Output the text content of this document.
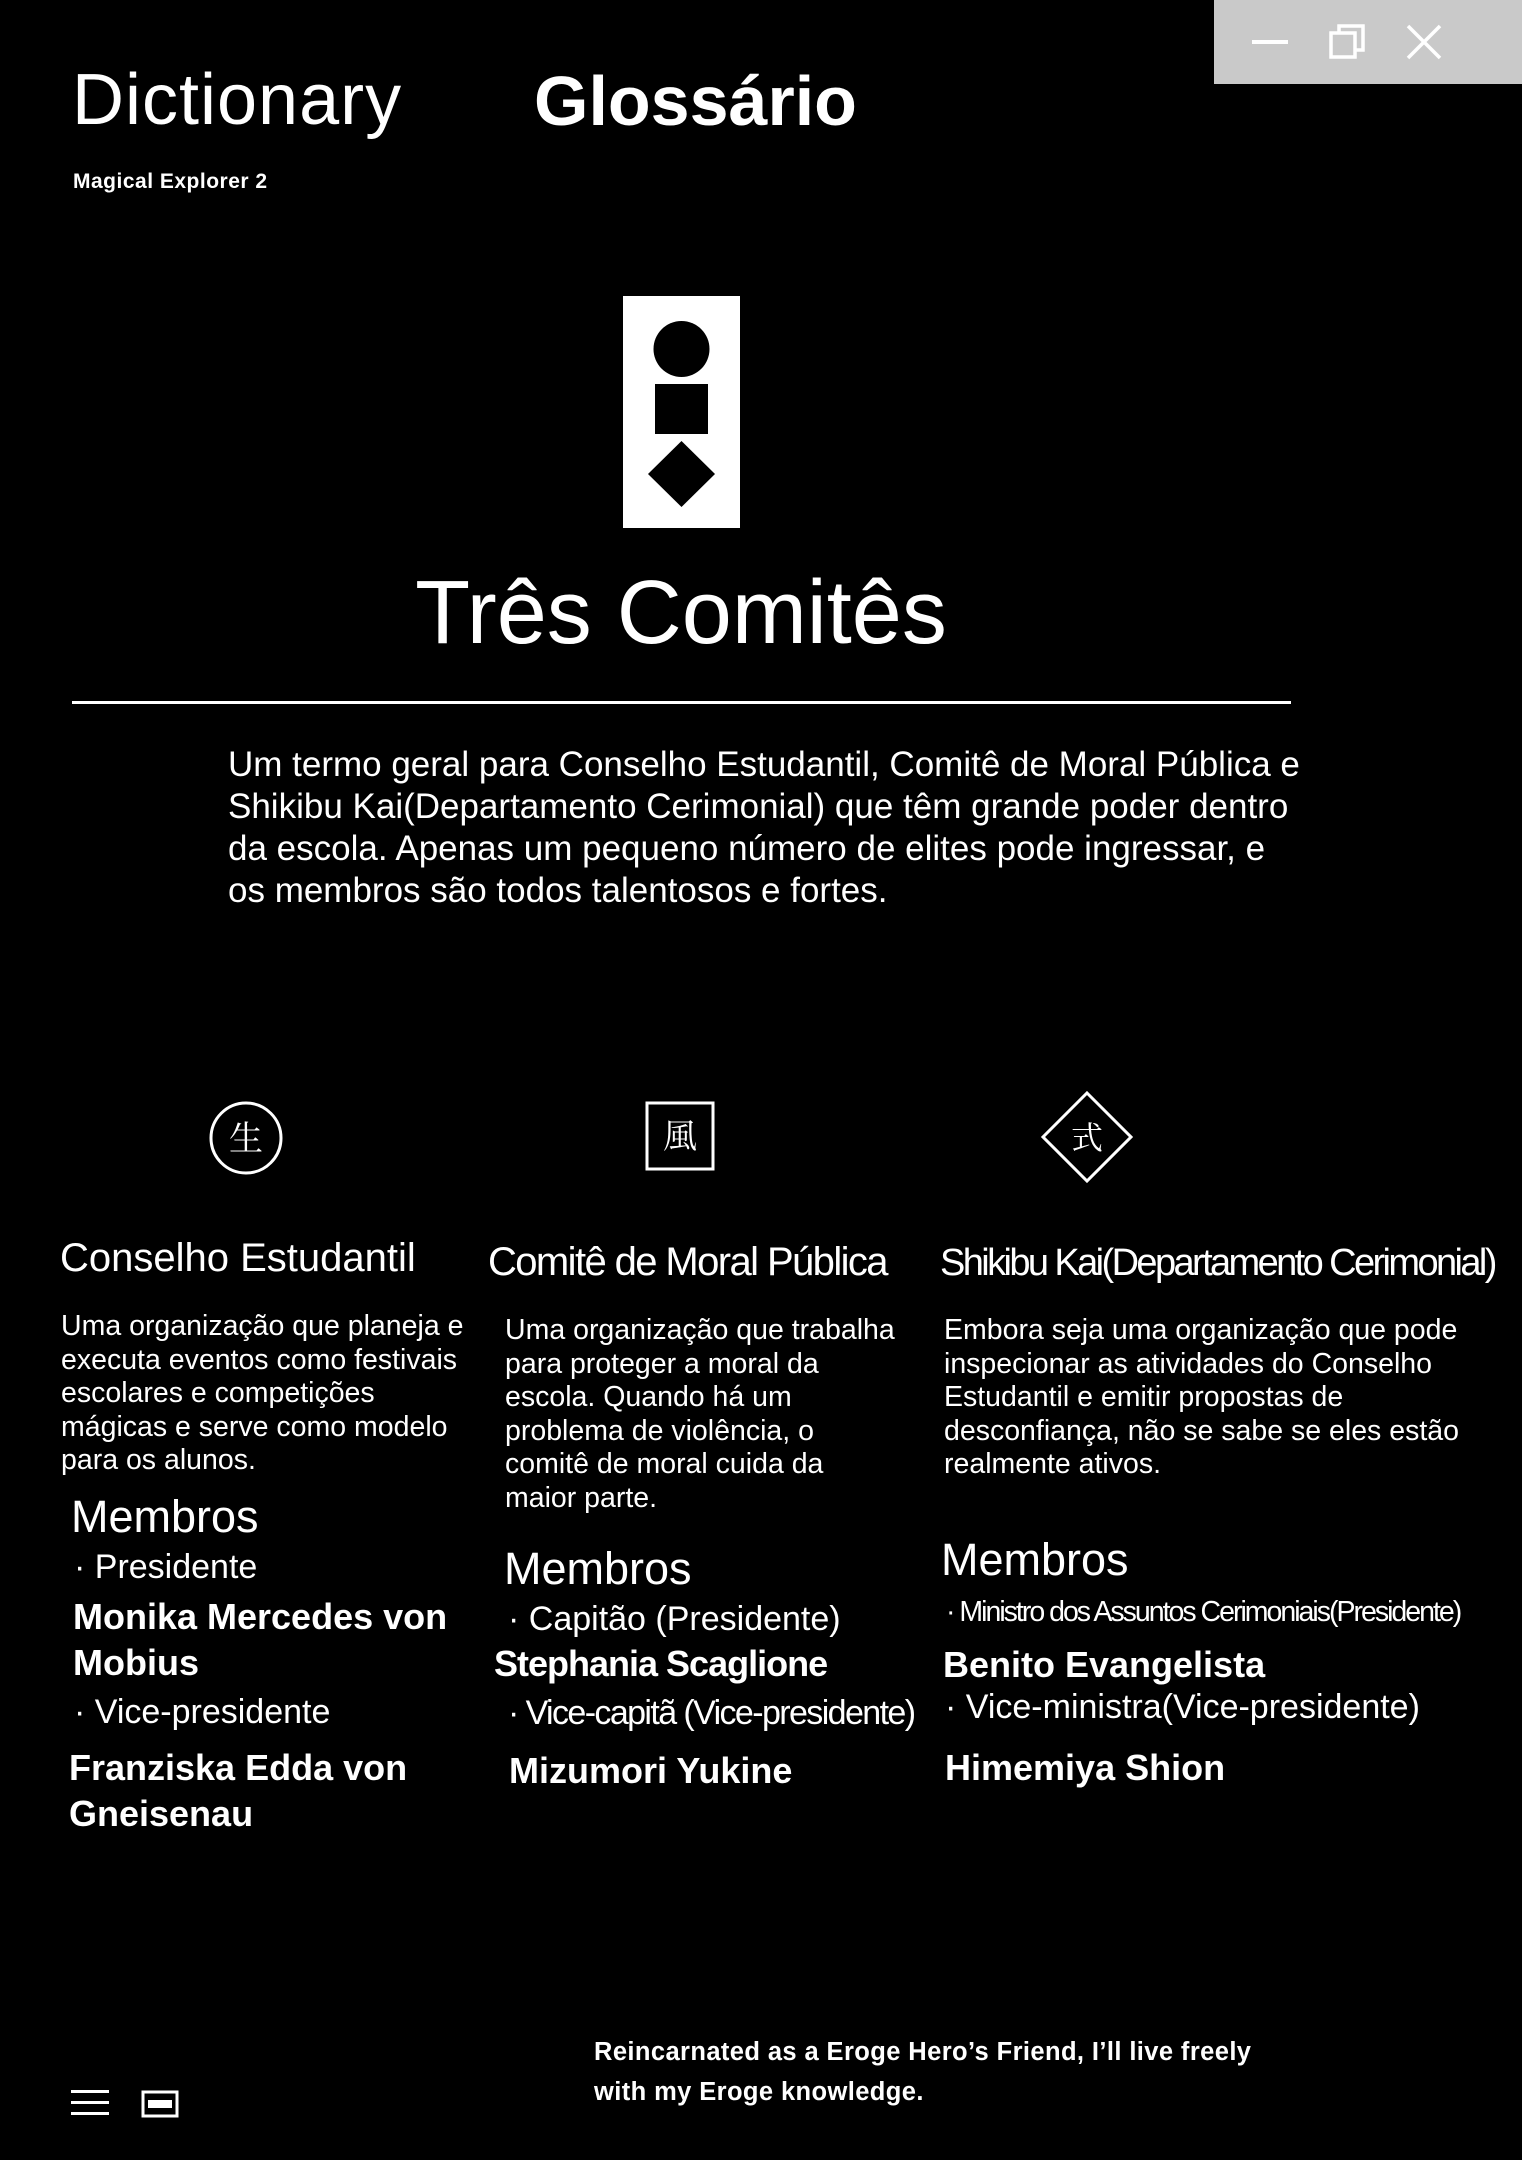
Dictionary
Magical Explorer 2
Glossário
Três Comitês
Um termo geral para Conselho Estudantil, Comitê de Moral Pública e Shikibu Kai(Departamento Cerimonial) que têm grande poder dentro da escola. Apenas um pequeno número de elites pode ingressar, e os membros são todos talentosos e fortes.
生	風	式
Conselho Estudantil
Uma organização que planeja e executa eventos como festivais escolares e competições mágicas e serve como modelo para os alunos.
Membros
· Presidente
Monika Mercedes von Mobius
· Vice-presidente
Franziska Edda von Gneisenau
Comitê de Moral Pública
Uma organização que trabalha para proteger a moral da escola. Quando há um problema de violência, o comitê de moral cuida da maior parte.
Membros
· Capitão (Presidente)
Stephania Scaglione
· Vice-capitã (Vice-presidente)
Mizumori Yukine
Shikibu Kai(Departamento Cerimonial)
Embora seja uma organização que pode inspecionar as atividades do Conselho Estudantil e emitir propostas de desconfiança, não se sabe se eles estão realmente ativos.
Membros
· Ministro dos Assuntos Cerimoniais(Presidente)
Benito Evangelista
· Vice-ministra(Vice-presidente)
Himemiya Shion
Reincarnated as a Eroge Hero’s Friend, I’ll live freely
with my Eroge knowledge.
